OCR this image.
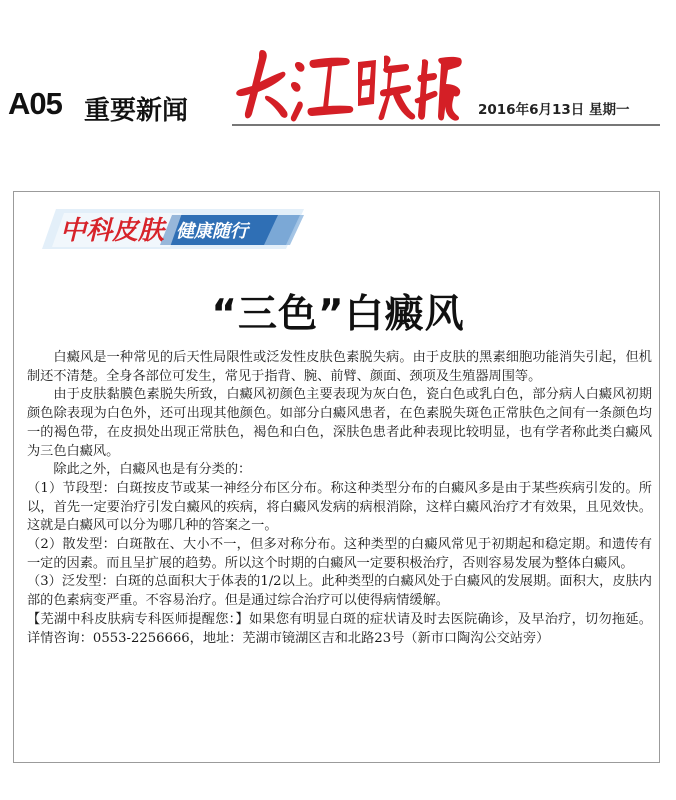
A05 重要新闻	2016年6月13日 星期一
中科皮肤 健康随行
“三色”白癜风

白癜风是一种常见的后天性局限性或泛发性皮肤色素脱失病。由于皮肤的黑素细胞功能消失引起，但机制还不清楚。全身各部位可发生，常见于指背、腕、前臂、颜面、颈项及生殖器周围等。

由于皮肤黏膜色素脱失所致，白癜风初颜色主要表现为灰白色，瓷白色或乳白色，部分病人白癜风初期颜色除表现为白色外，还可出现其他颜色。如部分白癜风患者，在色素脱失斑色正常肤色之间有一条颜色均一的褐色带，在皮损处出现正常肤色，褐色和白色，深肤色患者此种表现比较明显，也有学者称此类白癜风为三色白癜风。

除此之外，白癜风也是有分类的：

（1）节段型：白斑按皮节或某一神经分布区分布。称这种类型分布的白癜风多是由于某些疾病引发的。所以，首先一定要治疗引发白癜风的疾病，将白癜风发病的病根消除，这样白癜风治疗才有效果，且见效快。这就是白癜风可以分为哪几种的答案之一。

（2）散发型：白斑散在、大小不一，但多对称分布。这种类型的白癜风常见于初期起和稳定期。和遗传有一定的因素。而且呈扩展的趋势。所以这个时期的白癜风一定要积极治疗，否则容易发展为整体白癜风。

（3）泛发型：白斑的总面积大于体表的1/2以上。此种类型的白癜风处于白癜风的发展期。面积大，皮肤内部的色素病变严重。不容易治疗。但是通过综合治疗可以使得病情缓解。

【芜湖中科皮肤病专科医师提醒您：】如果您有明显白斑的症状请及时去医院确诊，及早治疗，切勿拖延。详情咨询：0553-2256666，地址：芜湖市镜湖区吉和北路23号（新市口陶沟公交站旁）
